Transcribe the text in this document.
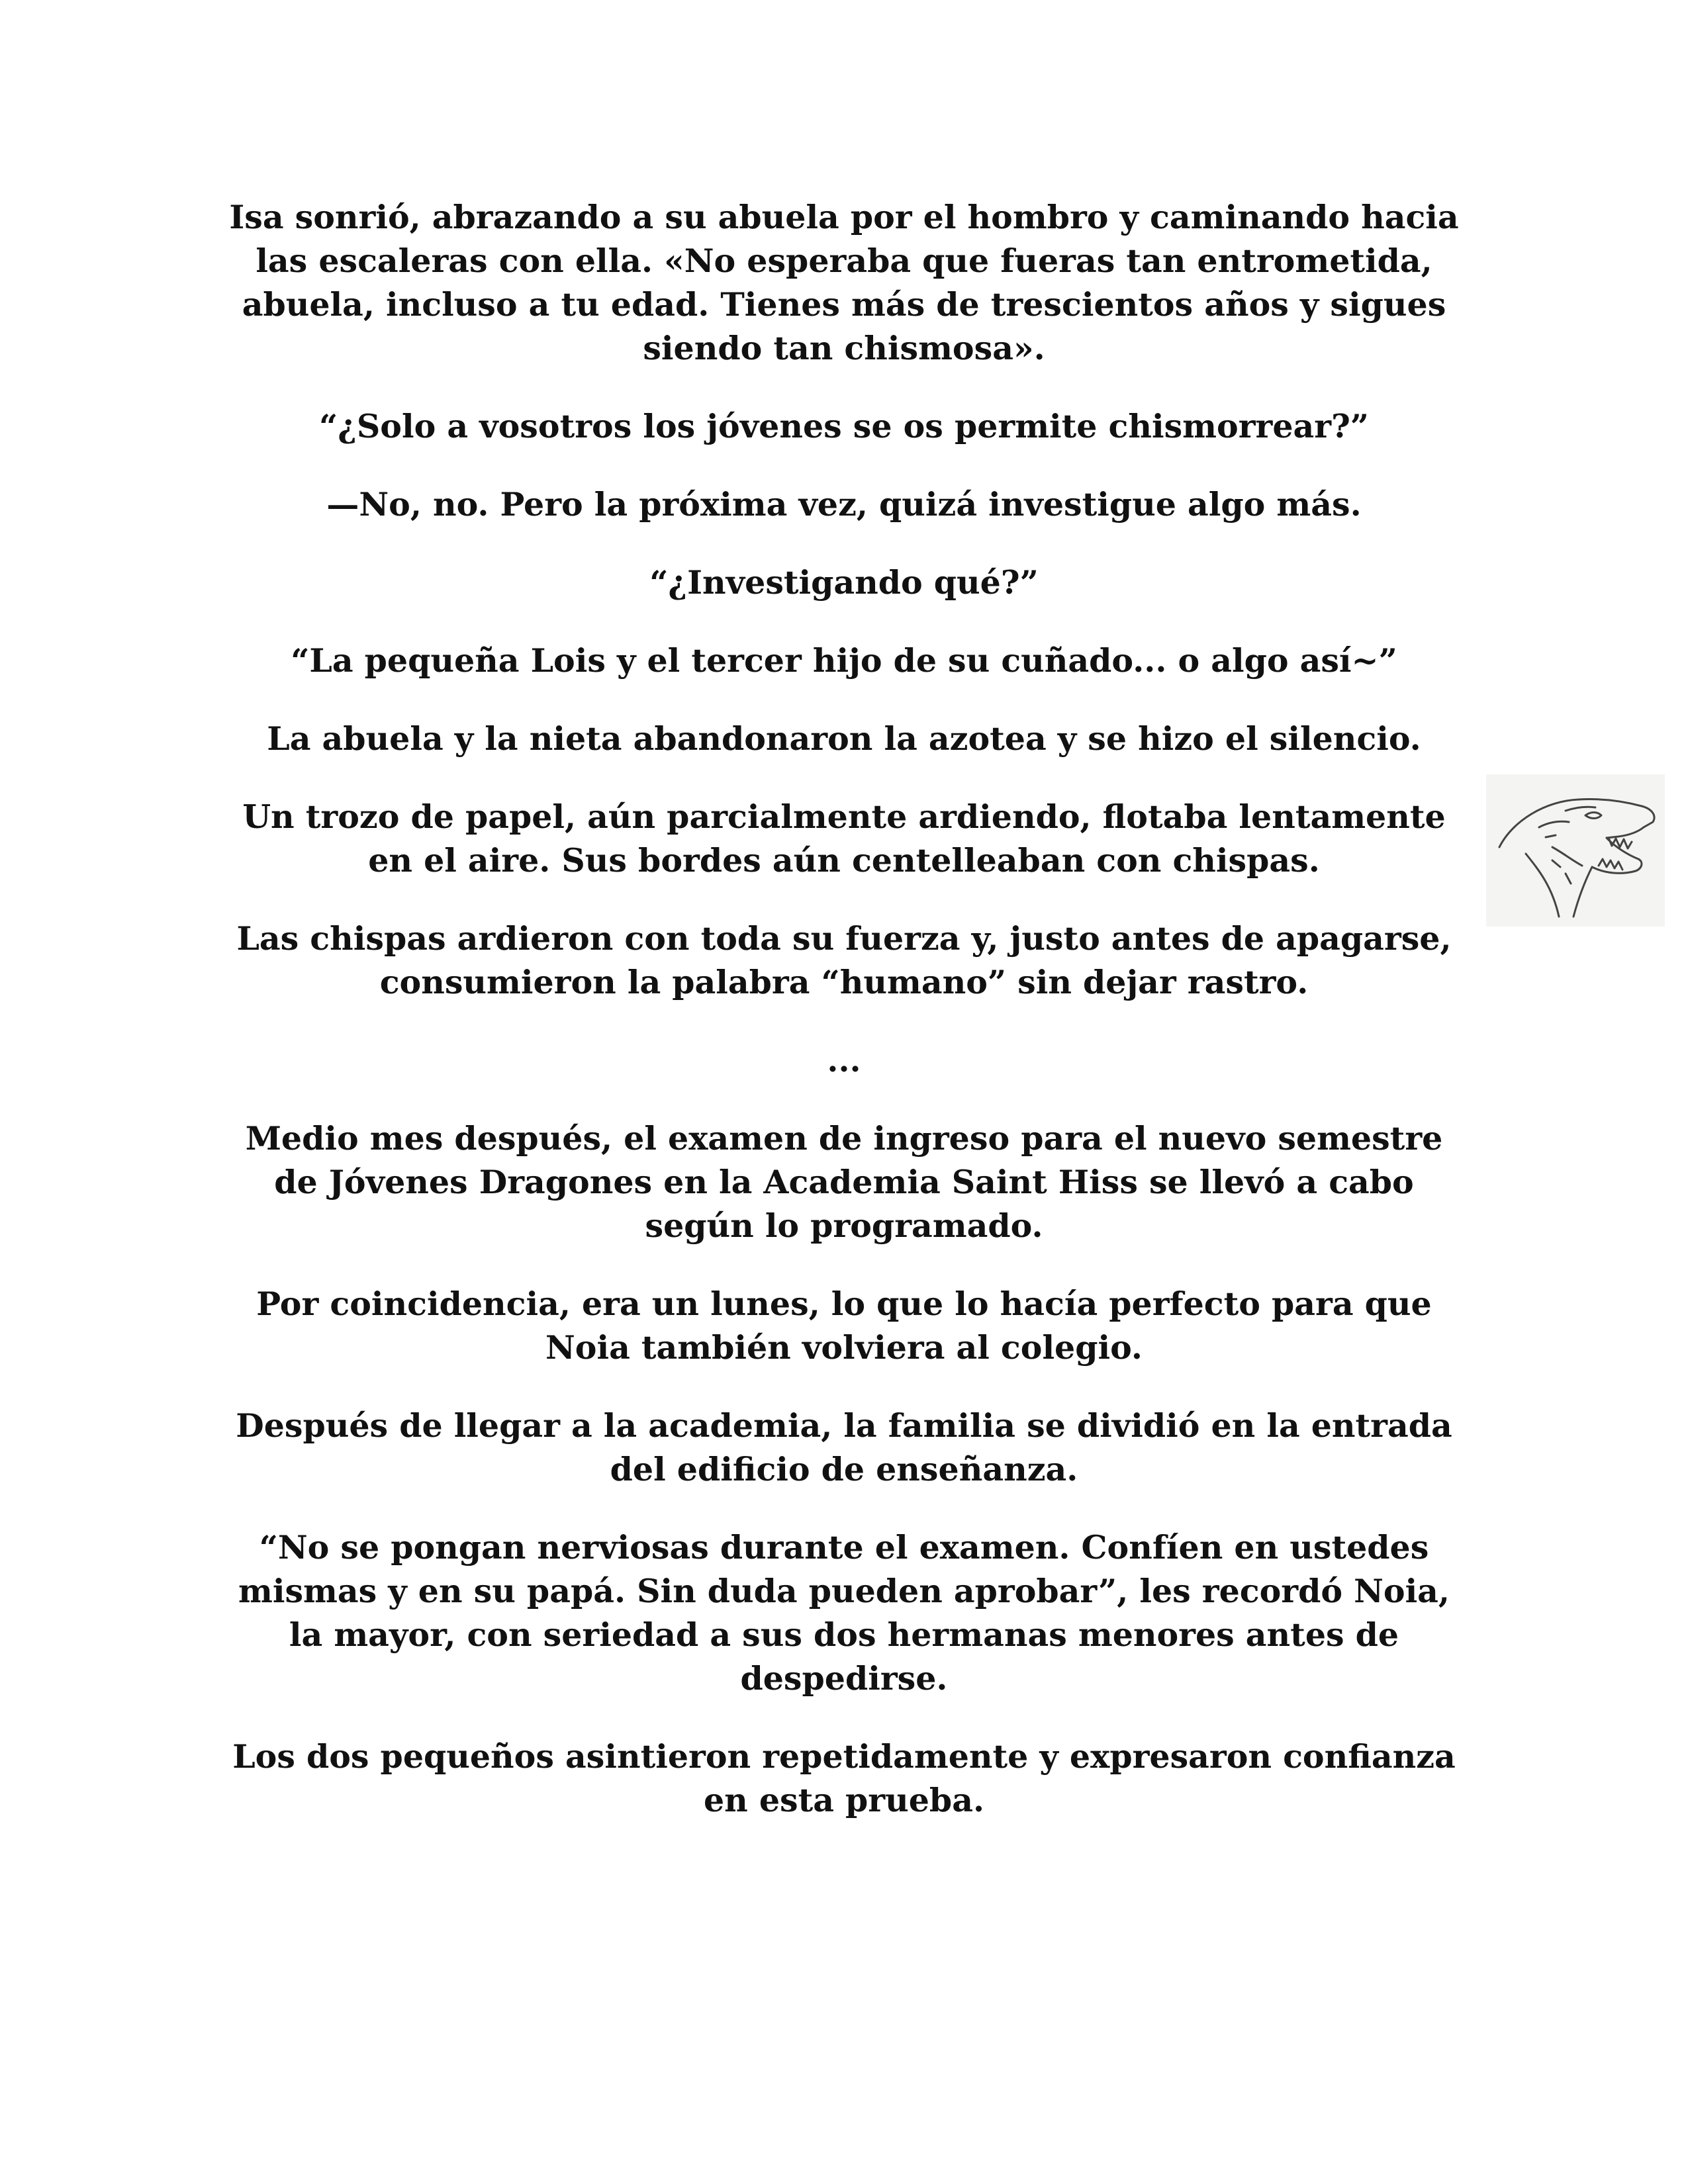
Isa sonrió, abrazando a su abuela por el hombro y caminando hacia las escaleras con ella. «No esperaba que fueras tan entrometida, abuela, incluso a tu edad. Tienes más de trescientos años y sigues siendo tan chismosa».

“¿Solo a vosotros los jóvenes se os permite chismorrear?”

—No, no. Pero la próxima vez, quizá investigue algo más.

“¿Investigando qué?”

“La pequeña Lois y el tercer hijo de su cuñado... o algo así~”

La abuela y la nieta abandonaron la azotea y se hizo el silencio.

Un trozo de papel, aún parcialmente ardiendo, flotaba lentamente en el aire. Sus bordes aún centelleaban con chispas.

Las chispas ardieron con toda su fuerza y, justo antes de apagarse, consumieron la palabra “humano” sin dejar rastro.

...

Medio mes después, el examen de ingreso para el nuevo semestre de Jóvenes Dragones en la Academia Saint Hiss se llevó a cabo según lo programado.

Por coincidencia, era un lunes, lo que lo hacía perfecto para que Noia también volviera al colegio.

Después de llegar a la academia, la familia se dividió en la entrada del edificio de enseñanza.

“No se pongan nerviosas durante el examen. Confíen en ustedes mismas y en su papá. Sin duda pueden aprobar”, les recordó Noia, la mayor, con seriedad a sus dos hermanas menores antes de despedirse.

Los dos pequeños asintieron repetidamente y expresaron confianza en esta prueba.
